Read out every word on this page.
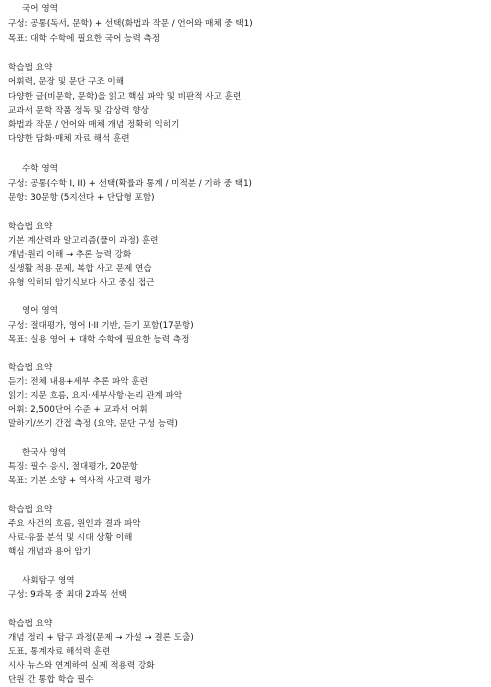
국어 영역
구성: 공통(독서, 문학) + 선택(화법과 작문 / 언어와 매체 중 택1)
목표: 대학 수학에 필요한 국어 능력 측정
학습법 요약
어휘력, 문장 및 문단 구조 이해
다양한 글(비문학, 문학)을 읽고 핵심 파악 및 비판적 사고 훈련
교과서 문학 작품 정독 및 감상력 향상
화법과 작문 / 언어와 매체 개념 정확히 익히기
다양한 담화·매체 자료 해석 훈련
수학 영역
구성: 공통(수학 I, II) + 선택(확률과 통계 / 미적분 / 기하 중 택1)
문항: 30문항 (5지선다 + 단답형 포함)
학습법 요약
기본 계산력과 알고리즘(풀이 과정) 훈련
개념·원리 이해 → 추론 능력 강화
실생활 적용 문제, 복합 사고 문제 연습
유형 익히되 암기식보다 사고 중심 접근
영어 영역
구성: 절대평가, 영어 I·II 기반, 듣기 포함(17문항)
목표: 실용 영어 + 대학 수학에 필요한 능력 측정
학습법 요약
듣기: 전체 내용+세부 추론 파악 훈련
읽기: 지문 흐름, 요지·세부사항·논리 관계 파악
어휘: 2,500단어 수준 + 교과서 어휘
말하기/쓰기 간접 측정 (요약, 문단 구성 능력)
한국사 영역
특징: 필수 응시, 절대평가, 20문항
목표: 기본 소양 + 역사적 사고력 평가
학습법 요약
주요 사건의 흐름, 원인과 결과 파악
사료·유물 분석 및 시대 상황 이해
핵심 개념과 용어 암기
사회탐구 영역
구성: 9과목 중 최대 2과목 선택
학습법 요약
개념 정리 + 탐구 과정(문제 → 가설 → 결론 도출)
도표, 통계자료 해석력 훈련
시사 뉴스와 연계하여 실제 적용력 강화
단원 간 통합 학습 필수
